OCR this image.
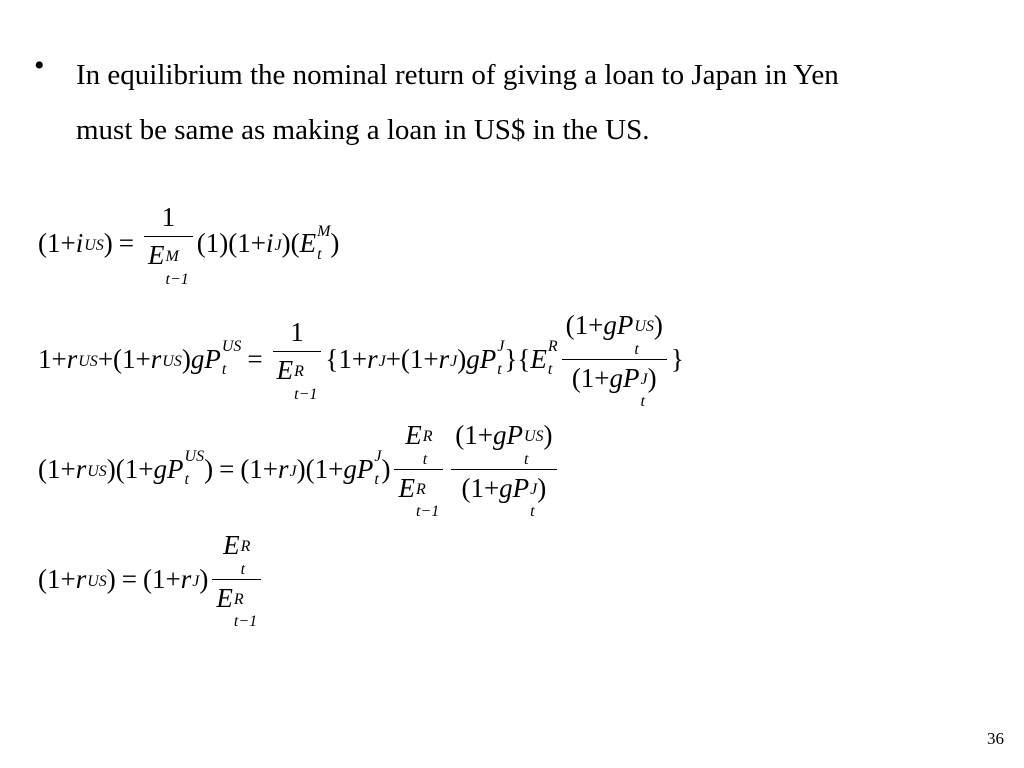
• In equilibrium the nominal return of giving a loan to Japan in Yen
must be same as making a loan in US$ in the US.
(1+ i US ) = 1
E M
t−1 (1)(1+ i J )( E M
t )
1+ r US +(1+ r US ) gP US
t = 1
E R
t−1 {1+ r J +(1+ r J ) gP J
t }{ E R
t (1+ gP US
t
)
(1+ gP J
t
) }
(1+ r US )(1+ gP US
t ) = (1+ r J )(1+ gP J
t ) E R
t
E R
t−1 (1+ gP US
t
)
(1+ gP J
t
)
(1+ r US ) = (1+ r J ) E R
t
E R
t−1
36
